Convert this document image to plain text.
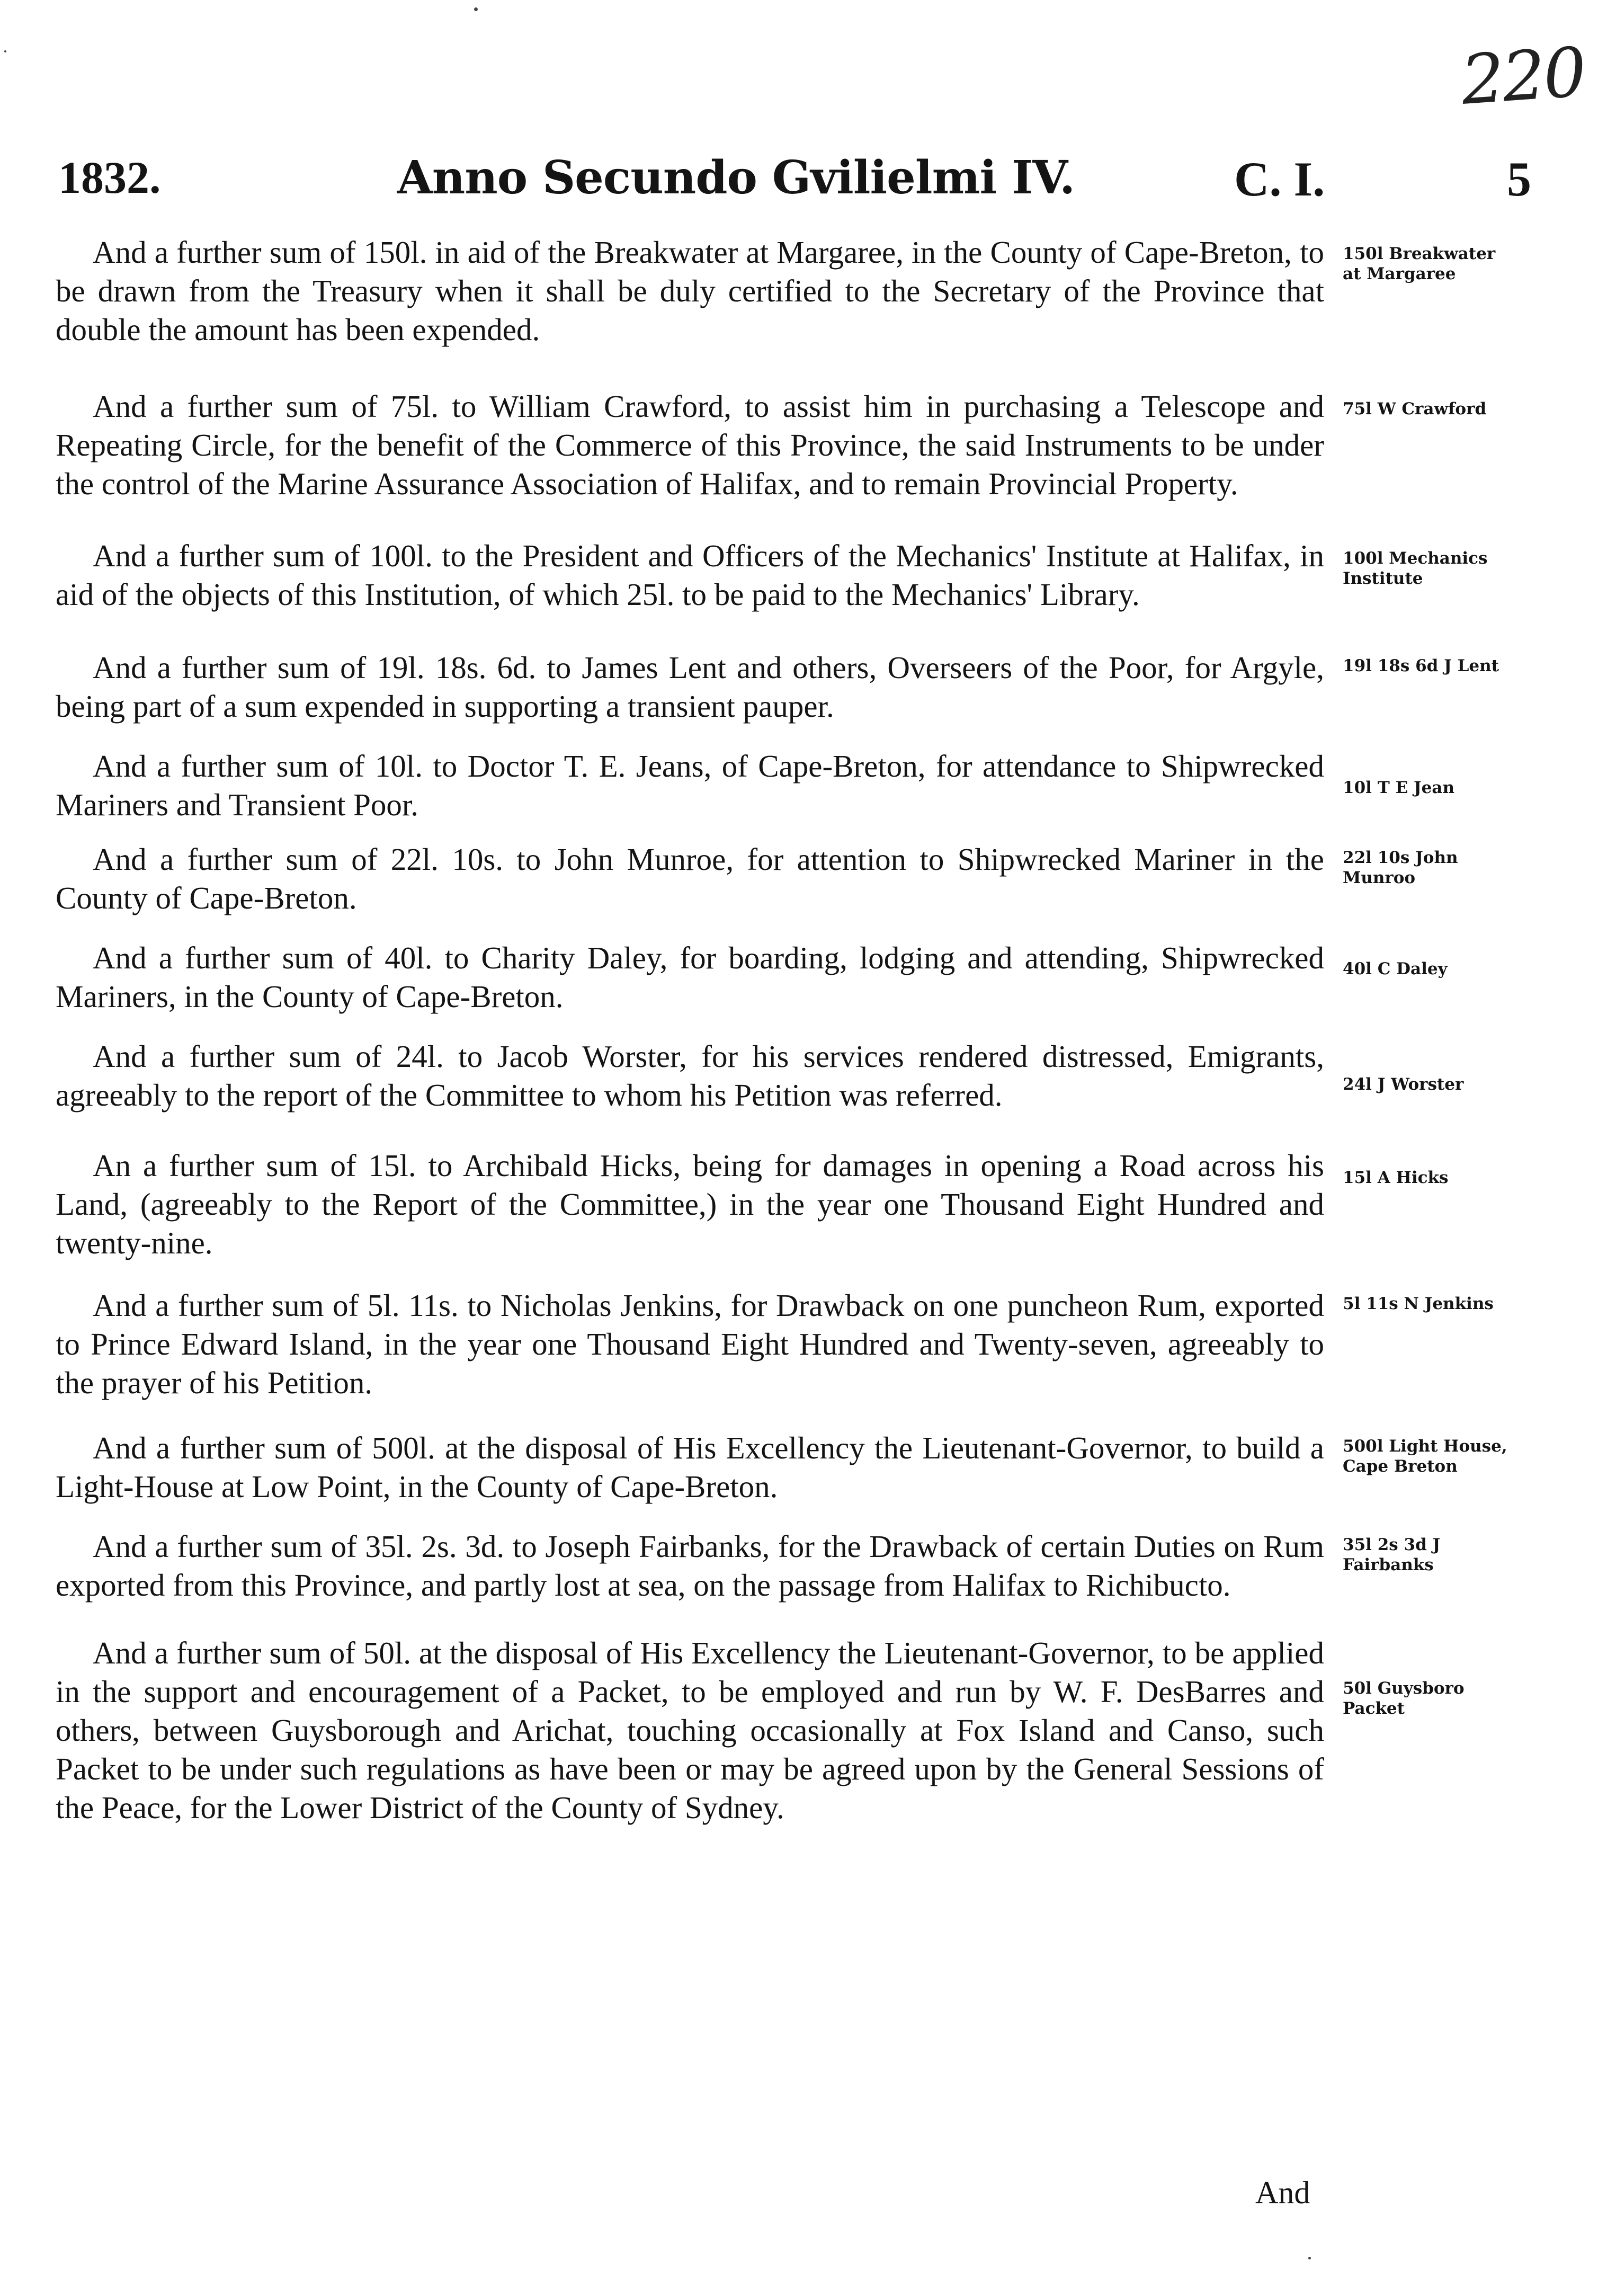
220
1832.	Anno Secundo Gvilielmi IV.	C. I.	5
And a further sum of 150l. in aid of the Breakwater at Margaree, in the County of Cape-Breton, to be drawn from the Treasury when it shall be duly certified to the Secretary of the Province that double the amount has been expended.
150l Breakwater at Margaree
And a further sum of 75l. to William Crawford, to assist him in purchasing a Telescope and Repeating Circle, for the benefit of the Commerce of this Province, the said Instruments to be under the control of the Marine Assurance Association of Halifax, and to remain Provincial Property.
75l W Crawford
And a further sum of 100l. to the President and Officers of the Mechanics' Institute at Halifax, in aid of the objects of this Institution, of which 25l. to be paid to the Mechanics' Library.
100l Mechanics Institute
And a further sum of 19l. 18s. 6d. to James Lent and others, Overseers of the Poor, for Argyle, being part of a sum expended in supporting a transient pauper.
19l 18s 6d J Lent
And a further sum of 10l. to Doctor T. E. Jeans, of Cape-Breton, for attendance to Shipwrecked Mariners and Transient Poor.	10l T E Jean
And a further sum of 22l. 10s. to John Munroe, for attention to Shipwrecked Mariner in the County of Cape-Breton.
22l 10s John Munroo
And a further sum of 40l. to Charity Daley, for boarding, lodging and attending, Shipwrecked Mariners, in the County of Cape-Breton.
40l C Daley
And a further sum of 24l. to Jacob Worster, for his services rendered distressed, Emigrants, agreeably to the report of the Committee to whom his Petition was referred.	24l J Worster
An a further sum of 15l. to Archibald Hicks, being for damages in opening a Road across his Land, (agreeably to the Report of the Committee,) in the year one Thousand Eight Hundred and twenty-nine.
15l A Hicks
And a further sum of 5l. 11s. to Nicholas Jenkins, for Drawback on one puncheon Rum, exported to Prince Edward Island, in the year one Thousand Eight Hundred and Twenty-seven, agreeably to the prayer of his Petition.
5l 11s N Jenkins
And a further sum of 500l. at the disposal of His Excellency the Lieutenant-Governor, to build a Light-House at Low Point, in the County of Cape-Breton.
500l Light House, Cape Breton
And a further sum of 35l. 2s. 3d. to Joseph Fairbanks, for the Drawback of certain Duties on Rum exported from this Province, and partly lost at sea, on the passage from Halifax to Richibucto.
35l 2s 3d J Fairbanks
And a further sum of 50l. at the disposal of His Excellency the Lieutenant-Governor, to be applied in the support and encouragement of a Packet, to be employed and run by W. F. DesBarres and others, between Guysborough and Arichat, touching occasionally at Fox Island and Canso, such Packet to be under such regulations as have been or may be agreed upon by the General Sessions of the Peace, for the Lower District of the County of Sydney.
50l Guysboro Packet
And
